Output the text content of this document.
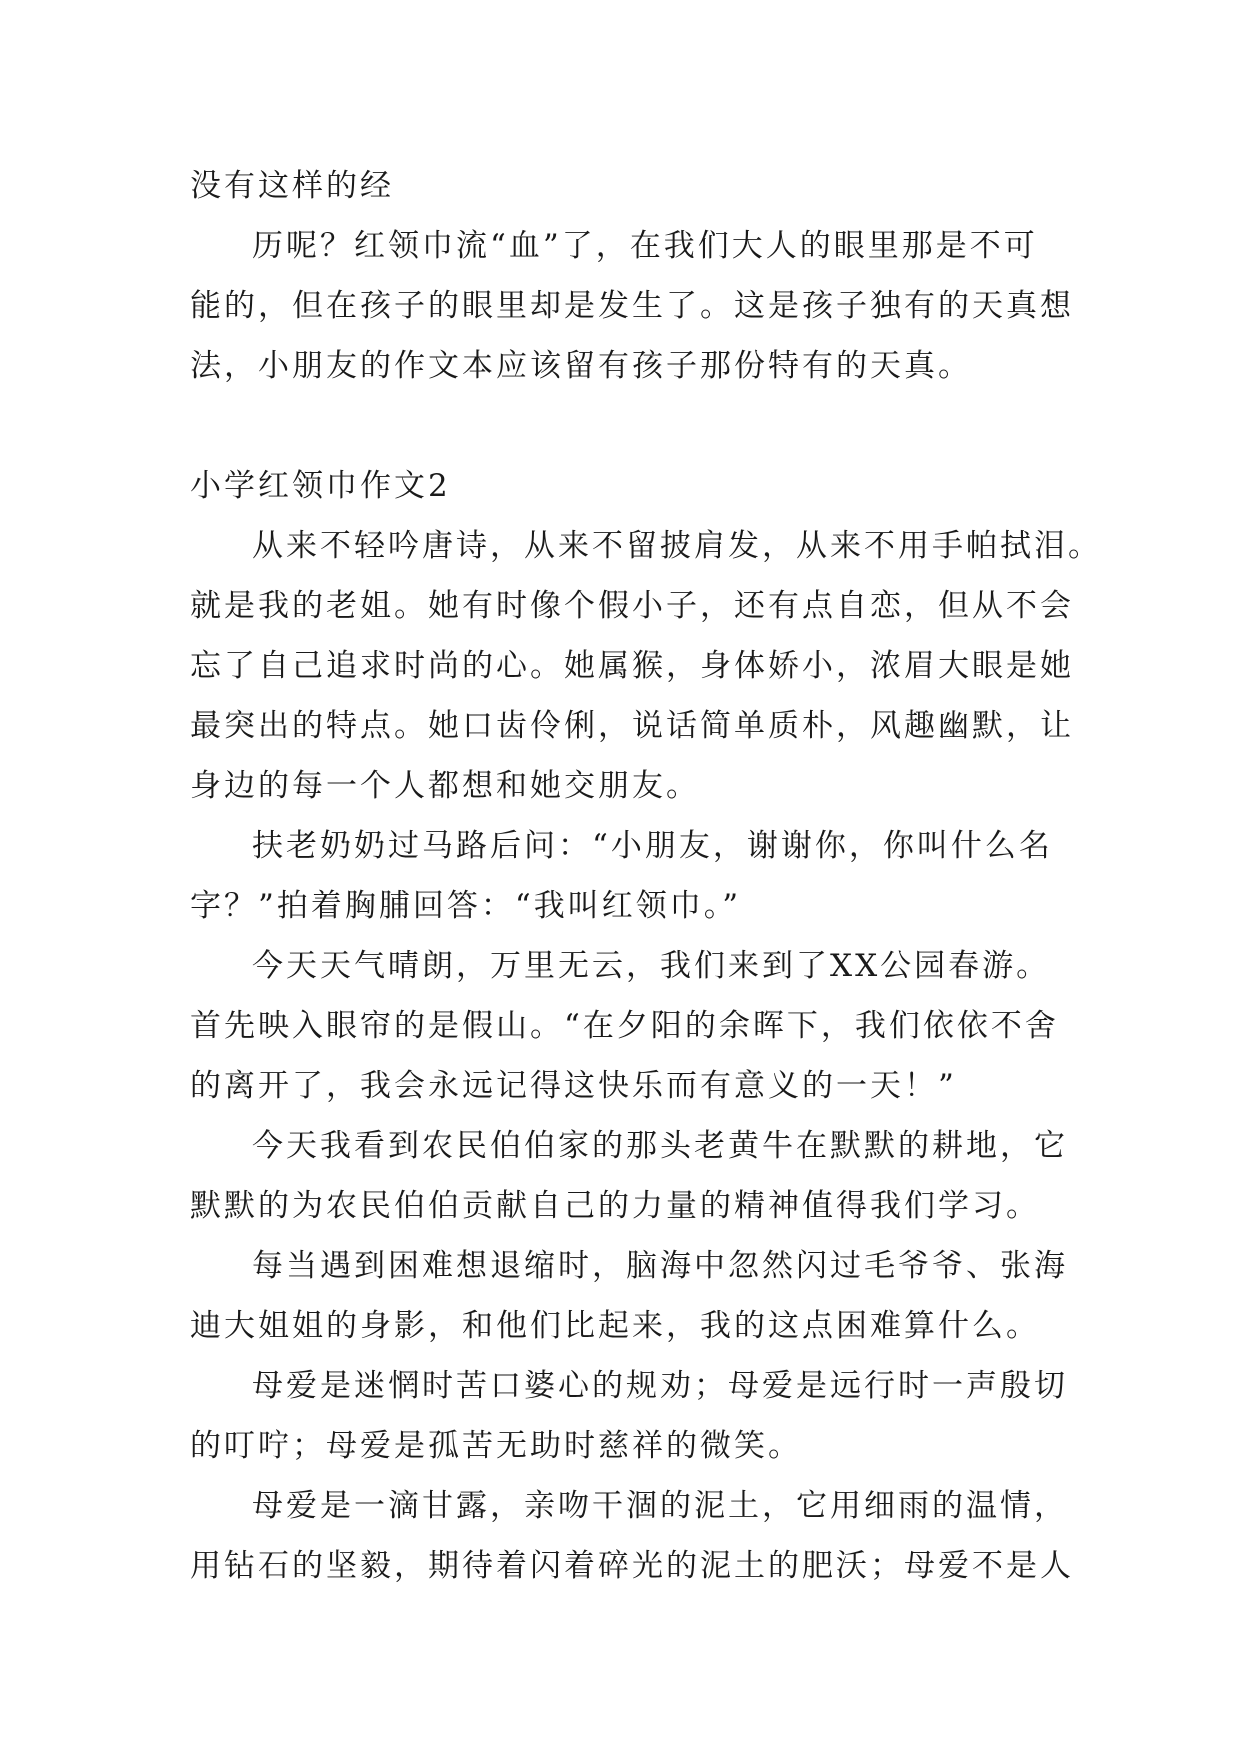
没有这样的经
历呢？红领巾流“血”了，在我们大人的眼里那是不可
能的，但在孩子的眼里却是发生了。这是孩子独有的天真想
法，小朋友的作文本应该留有孩子那份特有的天真。
小学红领巾作文2
从来不轻吟唐诗，从来不留披肩发，从来不用手帕拭泪。
就是我的老姐。她有时像个假小子，还有点自恋，但从不会
忘了自己追求时尚的心。她属猴，身体娇小，浓眉大眼是她
最突出的特点。她口齿伶俐，说话简单质朴，风趣幽默，让
身边的每一个人都想和她交朋友。
扶老奶奶过马路后问：“小朋友，谢谢你，你叫什么名
字？”拍着胸脯回答：“我叫红领巾。”
今天天气晴朗，万里无云，我们来到了XX公园春游。
首先映入眼帘的是假山。“在夕阳的余晖下，我们依依不舍
的离开了，我会永远记得这快乐而有意义的一天！”
今天我看到农民伯伯家的那头老黄牛在默默的耕地，它
默默的为农民伯伯贡献自己的力量的精神值得我们学习。
每当遇到困难想退缩时，脑海中忽然闪过毛爷爷、张海
迪大姐姐的身影，和他们比起来，我的这点困难算什么。
母爱是迷惘时苦口婆心的规劝；母爱是远行时一声殷切
的叮咛；母爱是孤苦无助时慈祥的微笑。
母爱是一滴甘露，亲吻干涸的泥土，它用细雨的温情，
用钻石的坚毅，期待着闪着碎光的泥土的肥沃；母爱不是人
